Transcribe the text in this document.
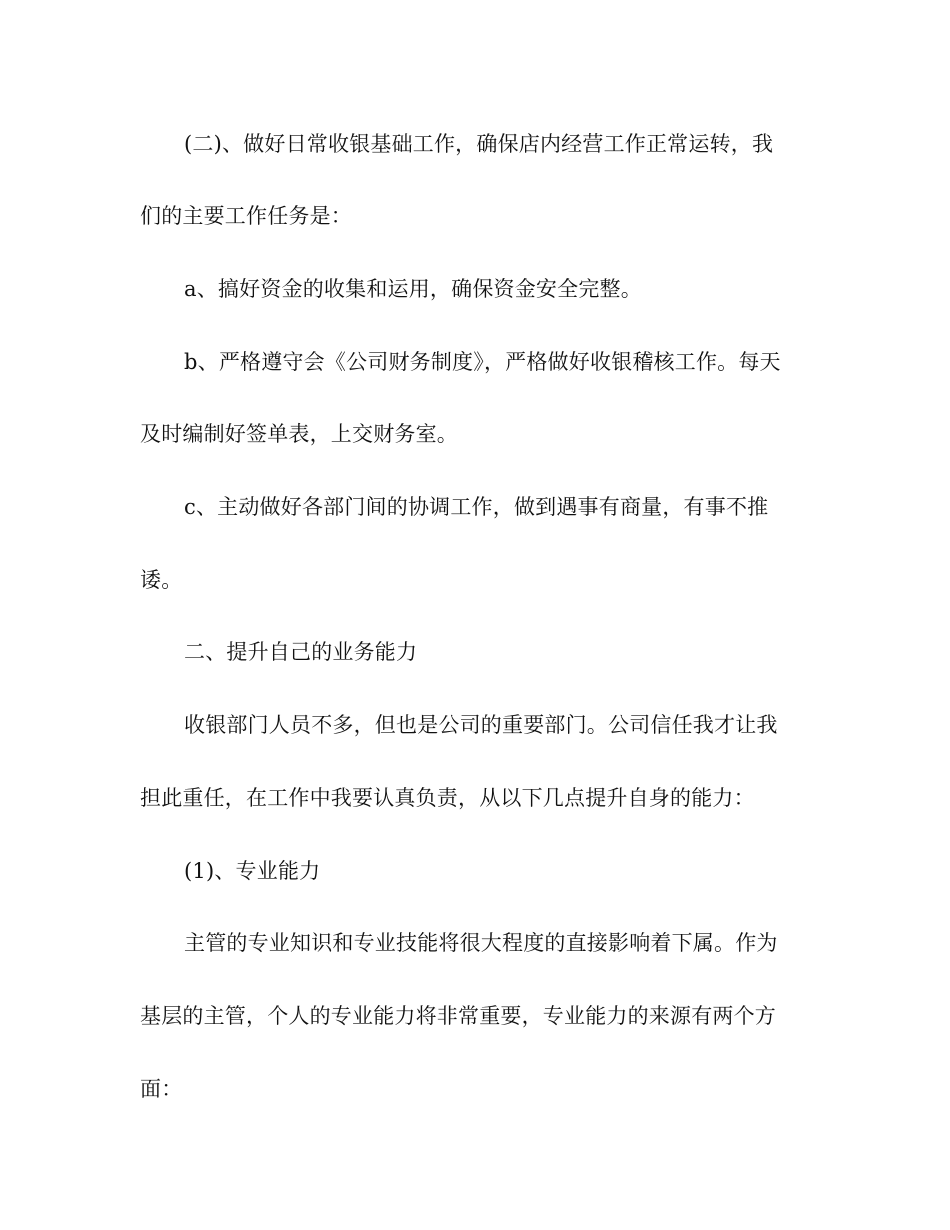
(二)、做好日常收银基础工作，确保店内经营工作正常运转，我
们的主要工作任务是：
a、搞好资金的收集和运用，确保资金安全完整。
b、严格遵守会《公司财务制度》，严格做好收银稽核工作。每天
及时编制好签单表，上交财务室。
c、主动做好各部门间的协调工作，做到遇事有商量，有事不推
诿。
二、提升自己的业务能力
收银部门人员不多，但也是公司的重要部门。公司信任我才让我
担此重任，在工作中我要认真负责，从以下几点提升自身的能力：
(1)、专业能力
主管的专业知识和专业技能将很大程度的直接影响着下属。作为
基层的主管，个人的专业能力将非常重要，专业能力的来源有两个方
面：
